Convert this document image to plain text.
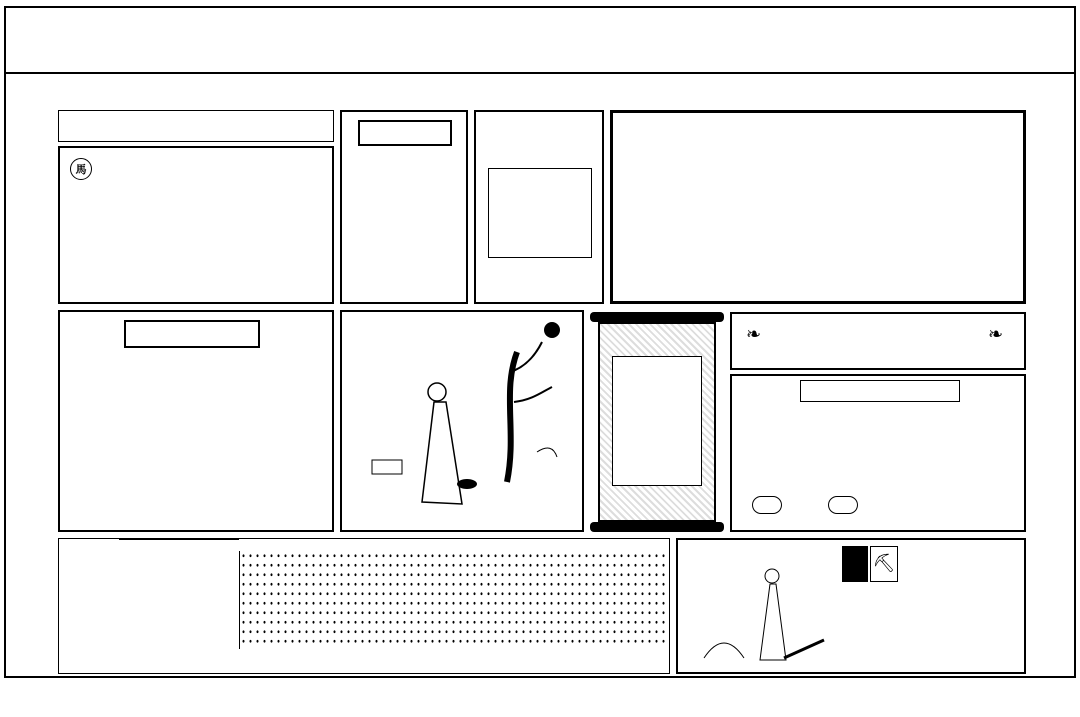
馬
❧	❧
⛏
